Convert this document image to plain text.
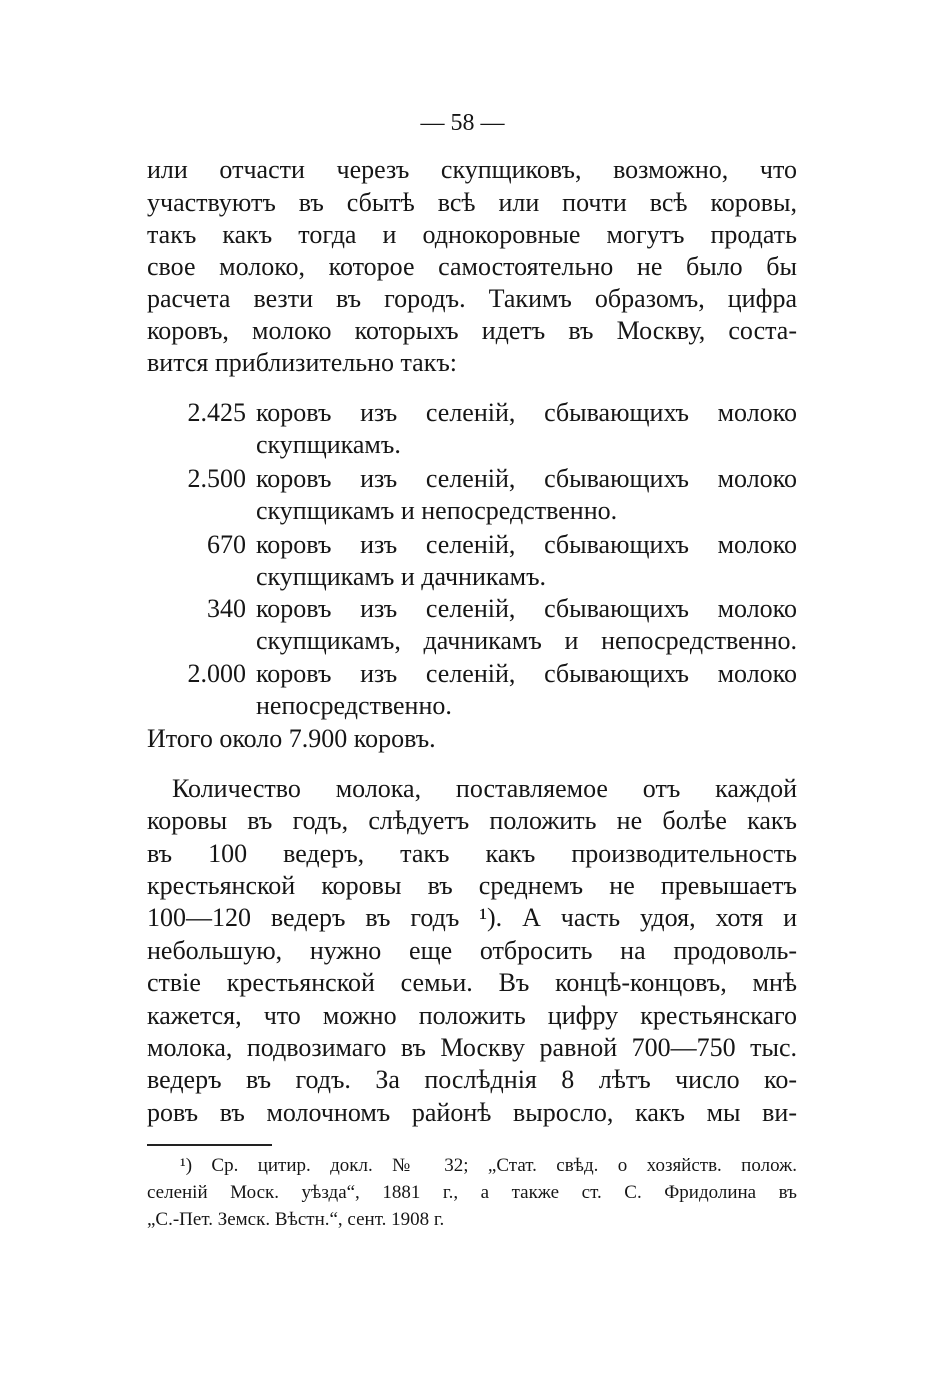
— 58 —
или отчасти черезъ скупщиковъ, возможно, что
участвуютъ въ сбытѣ всѣ или почти всѣ коровы,
такъ какъ тогда и однокоровные могутъ продать
свое молоко, которое самостоятельно не было бы
расчета везти въ городъ. Такимъ образомъ, цифра
коровъ, молоко которыхъ идетъ въ Москву, соста-
вится приблизительно такъ:
2.425 коровъ изъ селеній, сбывающихъ молоко
скупщикамъ.
2.500 коровъ изъ селеній, сбывающихъ молоко
скупщикамъ и непосредственно.
670 коровъ изъ селеній, сбывающихъ молоко
скупщикамъ и дачникамъ.
340 коровъ изъ селеній, сбывающихъ молоко
скупщикамъ, дачникамъ и непосредственно.
2.000 коровъ изъ селеній, сбывающихъ молоко
непосредственно.
Итого около 7.900 коровъ.
Количество молока, поставляемое отъ каждой
коровы въ годъ, слѣдуетъ положить не болѣе какъ
въ 100 ведеръ, такъ какъ производительность
крестьянской коровы въ среднемъ не превышаетъ
100—120 ведеръ въ годъ ¹). А часть удоя, хотя и
небольшую, нужно еще отбросить на продоволь-
ствіе крестьянской семьи. Въ концѣ-концовъ, мнѣ
кажется, что можно положить цифру крестьянскаго
молока, подвозимаго въ Москву равной 700—750 тыс.
ведеръ въ годъ. За послѣднія 8 лѣтъ число ко-
ровъ въ молочномъ районѣ выросло, какъ мы ви-
¹) Ср. цитир. докл. № 32; „Стат. свѣд. о хозяйств. полож.
селеній Моск. уѣзда“, 1881 г., а также ст. С. Фридолина въ
„С.-Пет. Земск. Вѣстн.“, сент. 1908 г.
